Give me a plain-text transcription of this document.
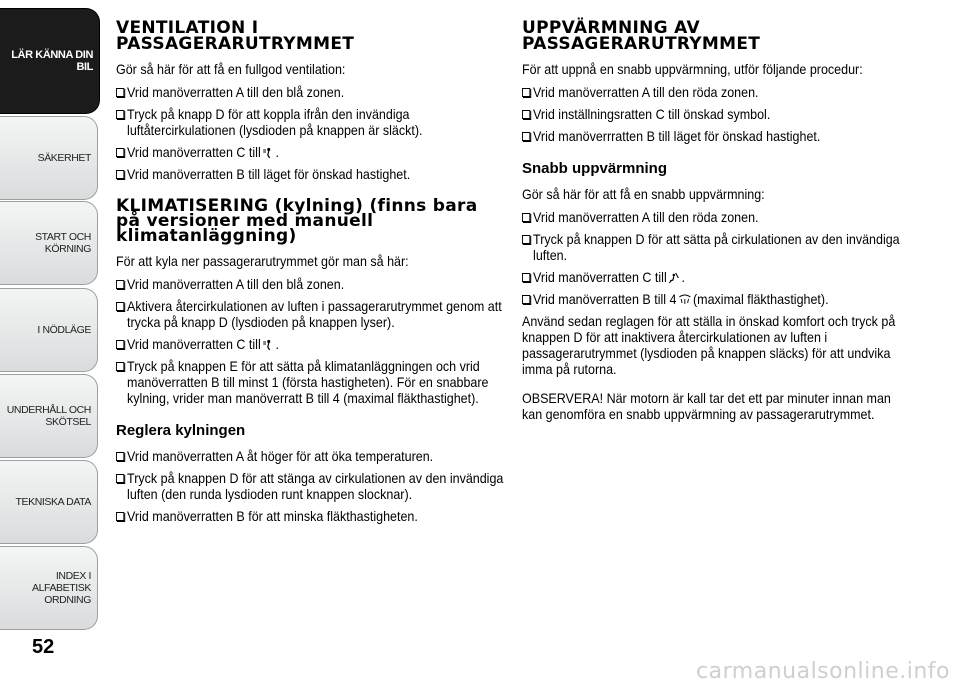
LÄR KÄNNA DIN
BIL
SÄKERHET
START OCH
KÖRNING
I NÖDLÄGE
UNDERHÅLL OCH
SKÖTSEL
TEKNISKA DATA
INDEX I ALFABETISK
ORDNING
52
VENTILATION I PASSAGERARUTRYMMET

Gör så här för att få en fullgod ventilation:

Vrid manöverratten A till den blå zonen.
Tryck på knapp D för att koppla ifrån den invändiga luftåtercirkulationen (lysdioden på knappen är släckt).
Vrid manöverratten C till .
Vrid manöverratten B till läget för önskad hastighet.
KLIMATISERING (kylning) (finns bara på versioner med manuell klimatanläggning)

För att kyla ner passagerarutrymmet gör man så här:

Vrid manöverratten A till den blå zonen.
Aktivera återcirkulationen av luften i passagerarutrymmet genom att trycka på knapp D (lysdioden på knappen lyser).
Vrid manöverratten C till .
Tryck på knappen E för att sätta på klimatanläggningen och vrid manöverratten B till minst 1 (första hastigheten). För en snabbare kylning, vrider man manöverratt B till 4 (maximal fläkthastighet).
Reglera kylningen
Vrid manöverratten A åt höger för att öka temperaturen.
Tryck på knappen D för att stänga av cirkulationen av den invändiga luften (den runda lysdioden runt knappen slocknar).
Vrid manöverratten B för att minska fläkthastigheten.
UPPVÄRMNING AV PASSAGERARUTRYMMET

För att uppnå en snabb uppvärmning, utför följande procedur:

Vrid manöverratten A till den röda zonen.
Vrid inställningsratten C till önskad symbol.
Vrid manöverrratten B till läget för önskad hastighet.
Snabb uppvärmning

Gör så här för att få en snabb uppvärmning:

Vrid manöverratten A till den röda zonen.
Tryck på knappen D för att sätta på cirkulationen av den invändiga luften.
Vrid manöverratten C till .
Vrid manöverratten B till 4 (maximal fläkthastighet).

Använd sedan reglagen för att ställa in önskad komfort och tryck på knappen D för att inaktivera återcirkulationen av luften i passagerarutrymmet (lysdioden på knappen släcks) för att undvika imma på rutorna.

OBSERVERA! När motorn är kall tar det ett par minuter innan man kan genomföra en snabb uppvärmning av passagerarutrymmet.

carmanualsonline.info
